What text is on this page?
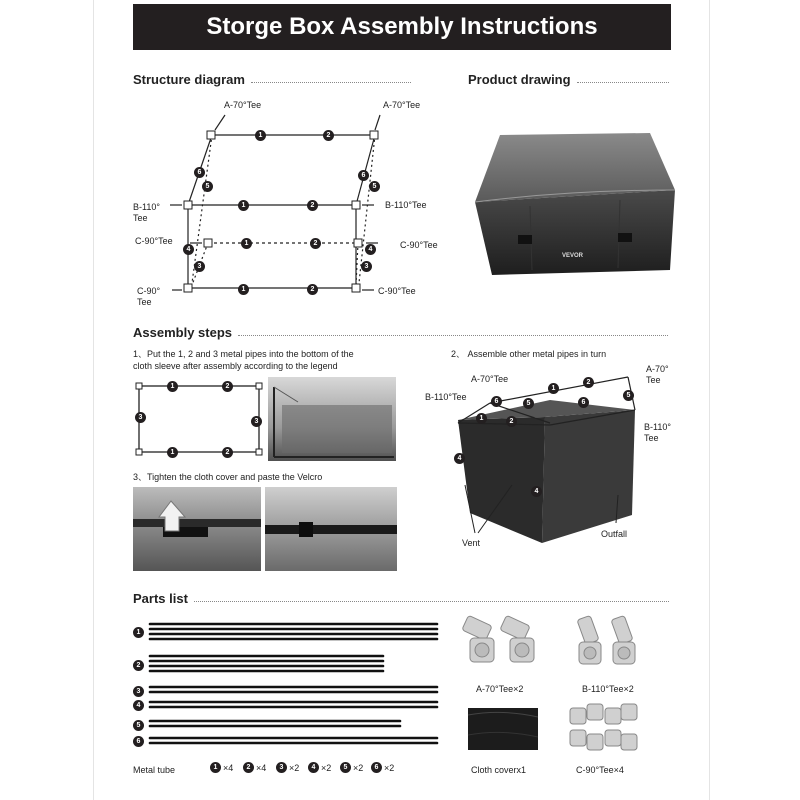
Storge Box Assembly Instructions
Structure diagram	Product drawing
Assembly steps
Parts list
1	2
1	2
1	2
1	2
6
5
6
5
4
3
4
3
A-70°Tee	A-70°Tee
B-110°
Tee
B-110°Tee
C-90°Tee	C-90°Tee
C-90°
Tee
C-90°Tee
VEVOR
1、Put the 1, 2 and 3 metal pipes into the bottom of the
cloth sleeve after assembly according to the legend
2、 Assemble other metal pipes in turn
3、Tighten the cloth cover and paste the Velcro
1	2
3
3
1	2
1
2
6	5	6
5
1	2
4
4
A-70°Tee
A-70°
Tee
B-110°Tee
B-110°
Tee
Vent
Outfall
1
2
3
4
5
6
Metal tube	1 ×4	2 ×4	3 ×2	4 ×2	5 ×2	6 ×2
A-70°Tee×2	B-110°Tee×2
Cloth coverx1	C-90°Tee×4
